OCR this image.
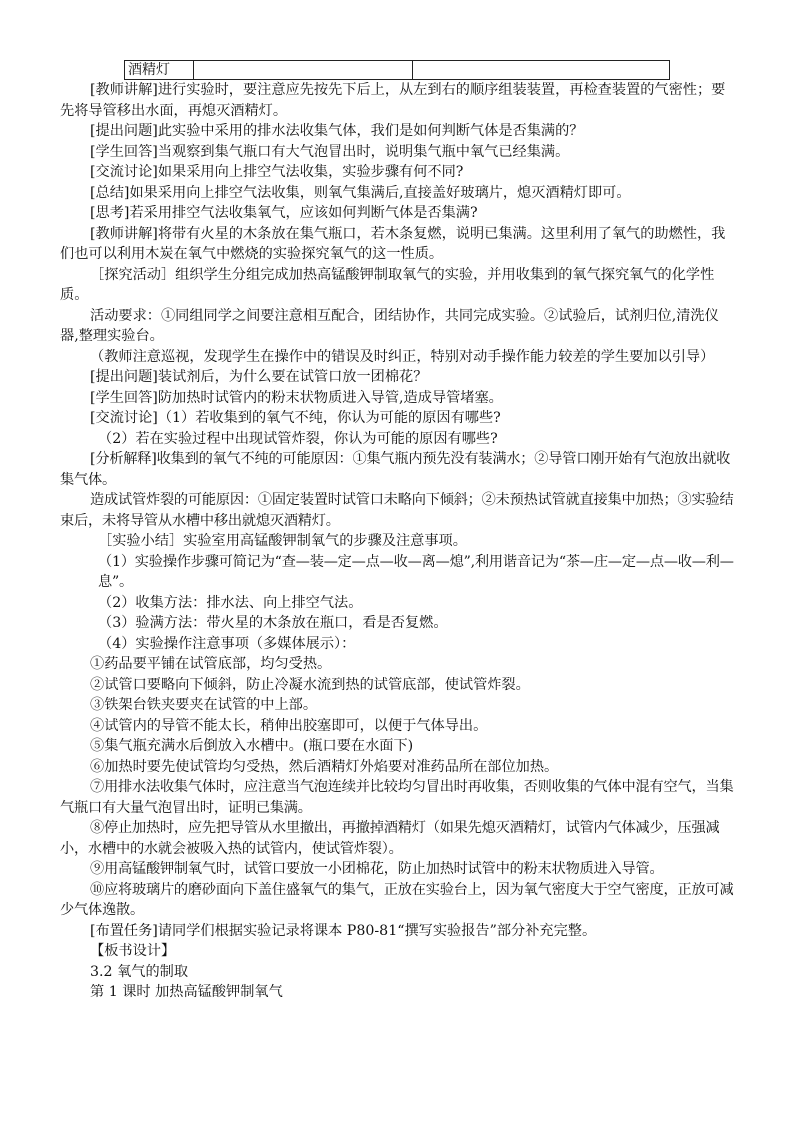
酒精灯		

[教师讲解]进行实验时，要注意应先按先下后上，从左到右的顺序组装装置，再检查装置的气密性；要先将导管移出水面，再熄灭酒精灯。

[提出问题]此实验中采用的排水法收集气体，我们是如何判断气体是否集满的？

[学生回答]当观察到集气瓶口有大气泡冒出时，说明集气瓶中氧气已经集满。

[交流讨论]如果采用向上排空气法收集，实验步骤有何不同?

[总结]如果采用向上排空气法收集，则氧气集满后,直接盖好玻璃片，熄灭酒精灯即可。

[思考]若采用排空气法收集氧气，应该如何判断气体是否集满?

[教师讲解]将带有火星的木条放在集气瓶口，若木条复燃，说明已集满。这里利用了氧气的助燃性，我们也可以利用木炭在氧气中燃烧的实验探究氧气的这一性质。

［探究活动］组织学生分组完成加热高锰酸钾制取氧气的实验，并用收集到的氧气探究氧气的化学性质。

活动要求：①同组同学之间要注意相互配合，团结协作，共同完成实验。②试验后，试剂归位,清洗仪器,整理实验台。

（教师注意巡视，发现学生在操作中的错误及时纠正，特别对动手操作能力较差的学生要加以引导）

[提出问题]装试剂后，为什么要在试管口放一团棉花？

[学生回答]防加热时试管内的粉末状物质进入导管,造成导管堵塞。

[交流讨论]（1）若收集到的氧气不纯，你认为可能的原因有哪些?

（2）若在实验过程中出现试管炸裂，你认为可能的原因有哪些?

[分析解释]收集到的氧气不纯的可能原因：①集气瓶内预先没有装满水；②导管口刚开始有气泡放出就收集气体。

造成试管炸裂的可能原因：①固定装置时试管口未略向下倾斜；②未预热试管就直接集中加热；③实验结束后，未将导管从水槽中移出就熄灭酒精灯。

［实验小结］实验室用高锰酸钾制氧气的步骤及注意事项。

（1）实验操作步骤可简记为“查—装—定—点—收—离—熄”,利用谐音记为“茶—庄—定—点—收—利—息”。

（2）收集方法：排水法、向上排空气法。

（3）验满方法：带火星的木条放在瓶口，看是否复燃。

（4）实验操作注意事项（多媒体展示）：

①药品要平铺在试管底部，均匀受热。

②试管口要略向下倾斜，防止冷凝水流到热的试管底部，使试管炸裂。

③铁架台铁夹要夹在试管的中上部。

④试管内的导管不能太长，稍伸出胶塞即可，以便于气体导出。

⑤集气瓶充满水后倒放入水槽中。(瓶口要在水面下)

⑥加热时要先使试管均匀受热，然后酒精灯外焰要对准药品所在部位加热。

⑦用排水法收集气体时，应注意当气泡连续并比较均匀冒出时再收集，否则收集的气体中混有空气，当集气瓶口有大量气泡冒出时，证明已集满。

⑧停止加热时，应先把导管从水里撤出，再撤掉酒精灯（如果先熄灭酒精灯，试管内气体减少，压强减小，水槽中的水就会被吸入热的试管内，使试管炸裂）。

⑨用高锰酸钾制氧气时，试管口要放一小团棉花，防止加热时试管中的粉末状物质进入导管。

⑩应将玻璃片的磨砂面向下盖住盛氧气的集气，正放在实验台上，因为氧气密度大于空气密度，正放可减少气体逸散。

[布置任务]请同学们根据实验记录将课本 P80-81“撰写实验报告”部分补充完整。

【板书设计】

3.2 氧气的制取

第 1 课时 加热高锰酸钾制氧气
